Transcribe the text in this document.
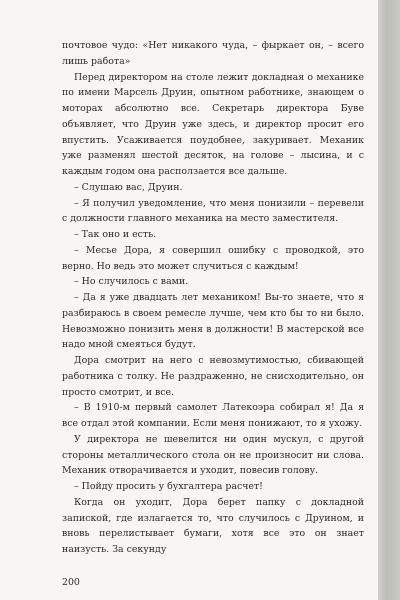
почтовое чудо: «Нет никакого чуда, – фыркает он, – всего лишь работа»

Перед директором на столе лежит докладная о механике по имени Марсель Друин, опытном работнике, знающем о моторах абсолютно все. Секретарь директора Буве объявляет, что Друин уже здесь, и директор просит его впустить. Усаживается поудобнее, закуривает. Механик уже разменял шестой десяток, на голове – лысина, и с каждым годом она расползается все дальше.

– Слушаю вас, Друин.

– Я получил уведомление, что меня понизили – перевели с должности главного механика на место заместителя.

– Так оно и есть.

– Месье Дора, я совершил ошибку с проводкой, это верно. Но ведь это может случиться с каждым!

– Но случилось с вами.

– Да я уже двадцать лет механиком! Вы-то знаете, что я разбираюсь в своем ремесле лучше, чем кто бы то ни было. Невозможно понизить меня в должности! В мастерской все надо мной смеяться будут.

Дора смотрит на него с невозмутимостью, сбивающей работника с толку. Не раздраженно, не снисходительно, он просто смотрит, и все.

– В 1910-м первый самолет Латекоэра собирал я! Да я все отдал этой компании. Если меня понижают, то я ухожу.

У директора не шевелится ни один мускул, с другой стороны металлического стола он не произносит ни слова. Механик отворачивается и уходит, повесив голову.

– Пойду просить у бухгалтера расчет!

Когда он уходит, Дора берет папку с докладной запиской, где излагается то, что случилось с Друином, и вновь перелистывает бумаги, хотя все это он знает наизусть. За секунду

200
